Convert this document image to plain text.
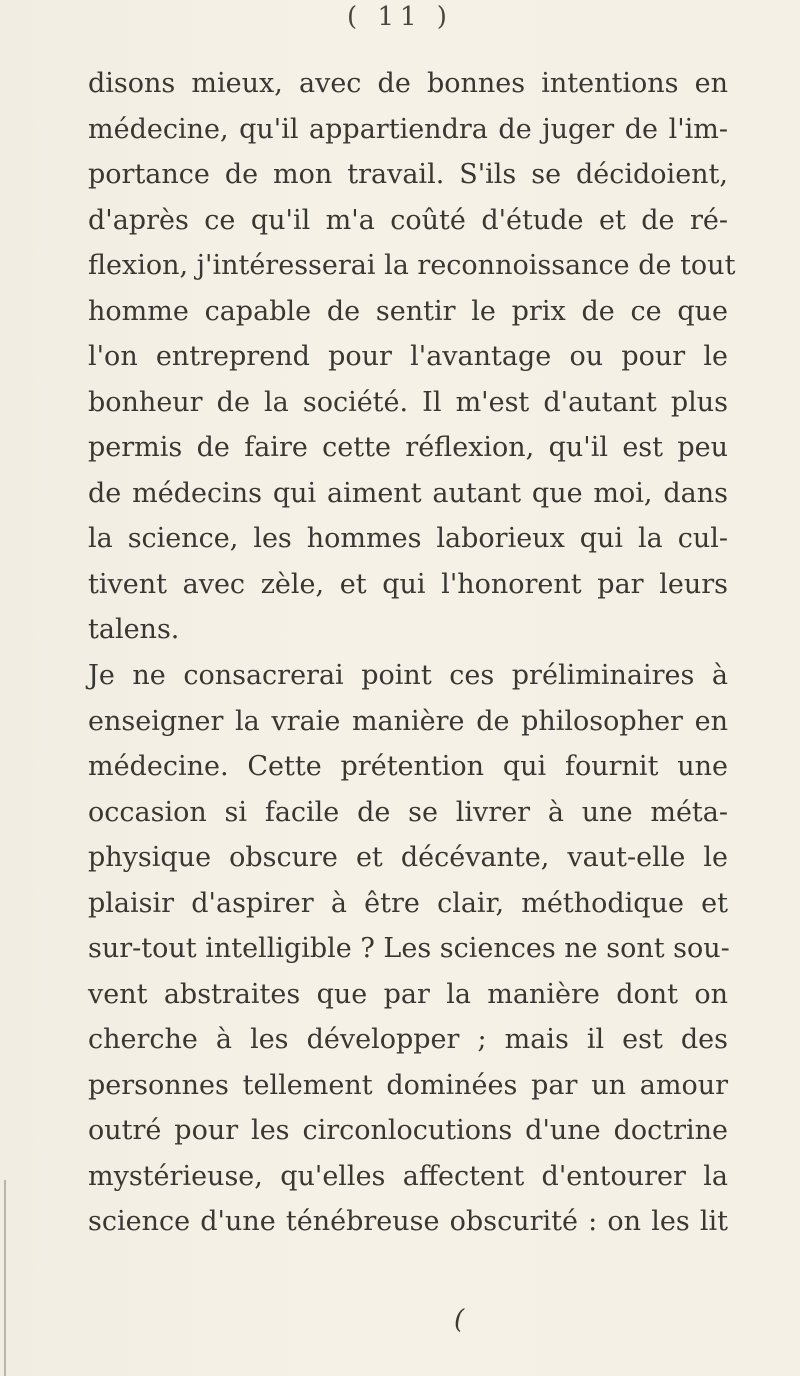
( 11 )
disons mieux, avec de bonnes intentions en
médecine, qu'il appartiendra de juger de l'im-
portance de mon travail. S'ils se décidoient,
d'après ce qu'il m'a coûté d'étude et de ré-
flexion, j'intéresserai la reconnoissance de tout
homme capable de sentir le prix de ce que
l'on entreprend pour l'avantage ou pour le
bonheur de la société. Il m'est d'autant plus
permis de faire cette réflexion, qu'il est peu
de médecins qui aiment autant que moi, dans
la science, les hommes laborieux qui la cul-
tivent avec zèle, et qui l'honorent par leurs
talens.
Je ne consacrerai point ces préliminaires à
enseigner la vraie manière de philosopher en
médecine. Cette prétention qui fournit une
occasion si facile de se livrer à une méta-
physique obscure et décévante, vaut-elle le
plaisir d'aspirer à être clair, méthodique et
sur-tout intelligible ? Les sciences ne sont sou-
vent abstraites que par la manière dont on
cherche à les développer ; mais il est des
personnes tellement dominées par un amour
outré pour les circonlocutions d'une doctrine
mystérieuse, qu'elles affectent d'entourer la
science d'une ténébreuse obscurité : on les lit
(
